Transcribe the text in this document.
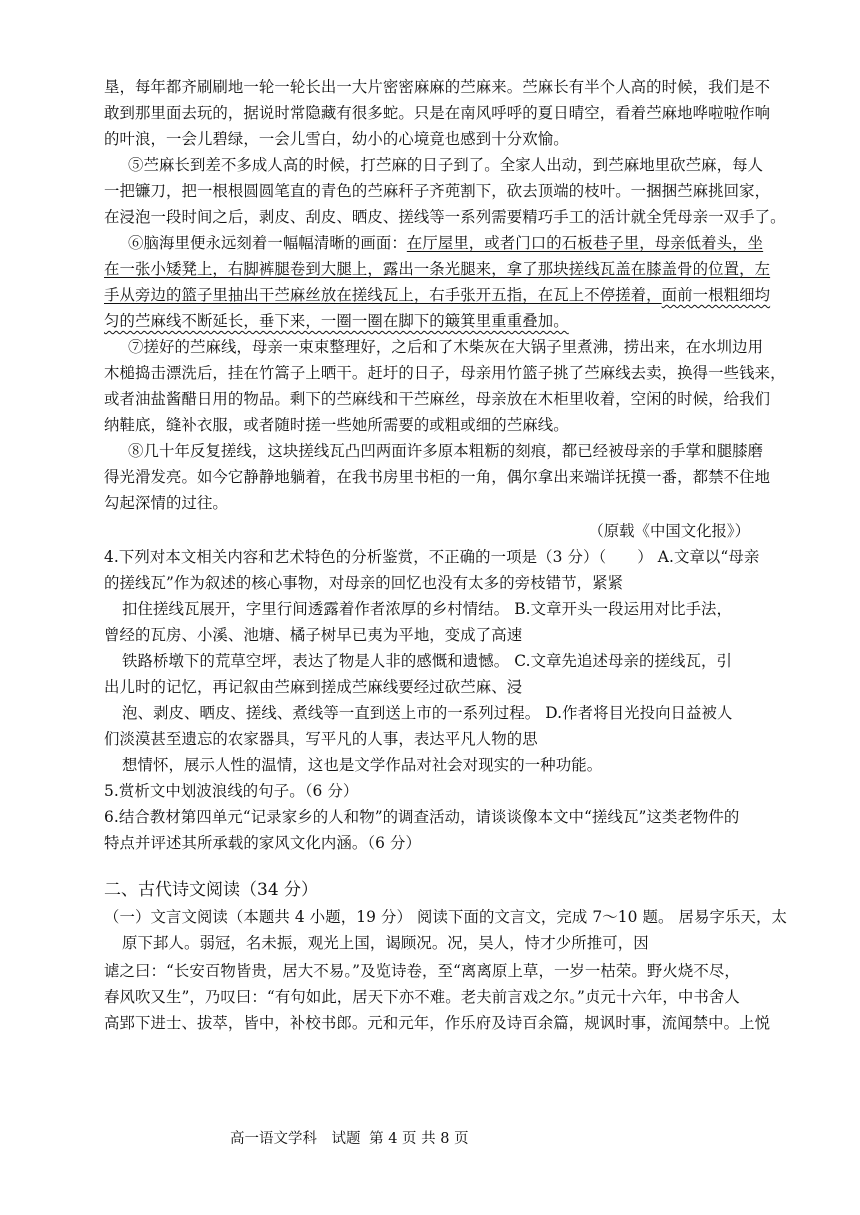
垦，每年都齐刷刷地一轮一轮长出一大片密密麻麻的苎麻来。苎麻长有半个人高的时候，我们是不
敢到那里面去玩的，据说时常隐藏有很多蛇。只是在南风呼呼的夏日晴空，看着苎麻地哗啦啦作响
的叶浪，一会儿碧绿，一会儿雪白，幼小的心境竟也感到十分欢愉。
⑤苎麻长到差不多成人高的时候，打苎麻的日子到了。全家人出动，到苎麻地里砍苎麻，每人
一把镰刀，把一根根圆圆笔直的青色的苎麻秆子齐蔸割下，砍去顶端的枝叶。一捆捆苎麻挑回家，
在浸泡一段时间之后，剥皮、刮皮、晒皮、搓线等一系列需要精巧手工的活计就全凭母亲一双手了。
⑥脑海里便永远刻着一幅幅清晰的画面：在厅屋里，或者门口的石板巷子里，母亲低着头，坐
在一张小矮凳上，右脚裤腿卷到大腿上，露出一条光腿来，拿了那块搓线瓦盖在膝盖骨的位置，左
手从旁边的篮子里抽出干苎麻丝放在搓线瓦上，右手张开五指，在瓦上不停搓着，面前一根粗细均
匀的苎麻线不断延长，垂下来，一圈一圈在脚下的簸箕里重重叠加。
⑦搓好的苎麻线，母亲一束束整理好，之后和了木柴灰在大锅子里煮沸，捞出来，在水圳边用
木槌捣击漂洗后，挂在竹篙子上晒干。赶圩的日子，母亲用竹篮子挑了苎麻线去卖，换得一些钱来，
或者油盐酱醋日用的物品。剩下的苎麻线和干苎麻丝，母亲放在木柜里收着，空闲的时候，给我们
纳鞋底，缝补衣服，或者随时搓一些她所需要的或粗或细的苎麻线。
⑧几十年反复搓线，这块搓线瓦凸凹两面许多原本粗粝的刻痕，都已经被母亲的手掌和腿膝磨
得光滑发亮。如今它静静地躺着，在我书房里书柜的一角，偶尔拿出来端详抚摸一番，都禁不住地
勾起深情的过往。
（原载《中国文化报》）
4.下列对本文相关内容和艺术特色的分析鉴赏，不正确的一项是（3 分）（　　） A.文章以“母亲
的搓线瓦”作为叙述的核心事物，对母亲的回忆也没有太多的旁枝错节，紧紧
扣住搓线瓦展开，字里行间透露着作者浓厚的乡村情结。 B.文章开头一段运用对比手法，
曾经的瓦房、小溪、池塘、橘子树早已夷为平地，变成了高速
铁路桥墩下的荒草空坪，表达了物是人非的感慨和遗憾。 C.文章先追述母亲的搓线瓦，引
出儿时的记忆，再记叙由苎麻到搓成苎麻线要经过砍苎麻、浸
泡、剥皮、晒皮、搓线、煮线等一直到送上市的一系列过程。 D.作者将目光投向日益被人
们淡漠甚至遗忘的农家器具，写平凡的人事，表达平凡人物的思
想情怀，展示人性的温情，这也是文学作品对社会对现实的一种功能。
5.赏析文中划波浪线的句子。（6 分）
6.结合教材第四单元“记录家乡的人和物”的调查活动，请谈谈像本文中“搓线瓦”这类老物件的
特点并评述其所承载的家风文化内涵。（6 分）
二、古代诗文阅读（34 分）
（一）文言文阅读（本题共 4 小题，19 分） 阅读下面的文言文，完成 7～10 题。 居易字乐天，太
原下邽人。弱冠，名未振，观光上国，谒顾况。况，吴人，恃才少所推可，因
谑之曰：“长安百物皆贵，居大不易。”及览诗卷，至“离离原上草，一岁一枯荣。野火烧不尽，
春风吹又生”，乃叹曰：“有句如此，居天下亦不难。老夫前言戏之尔。”贞元十六年，中书舍人
高郢下进士、拔萃，皆中，补校书郎。元和元年，作乐府及诗百余篇，规讽时事，流闻禁中。上悦
高一语文学科　试题 第 4 页 共 8 页
